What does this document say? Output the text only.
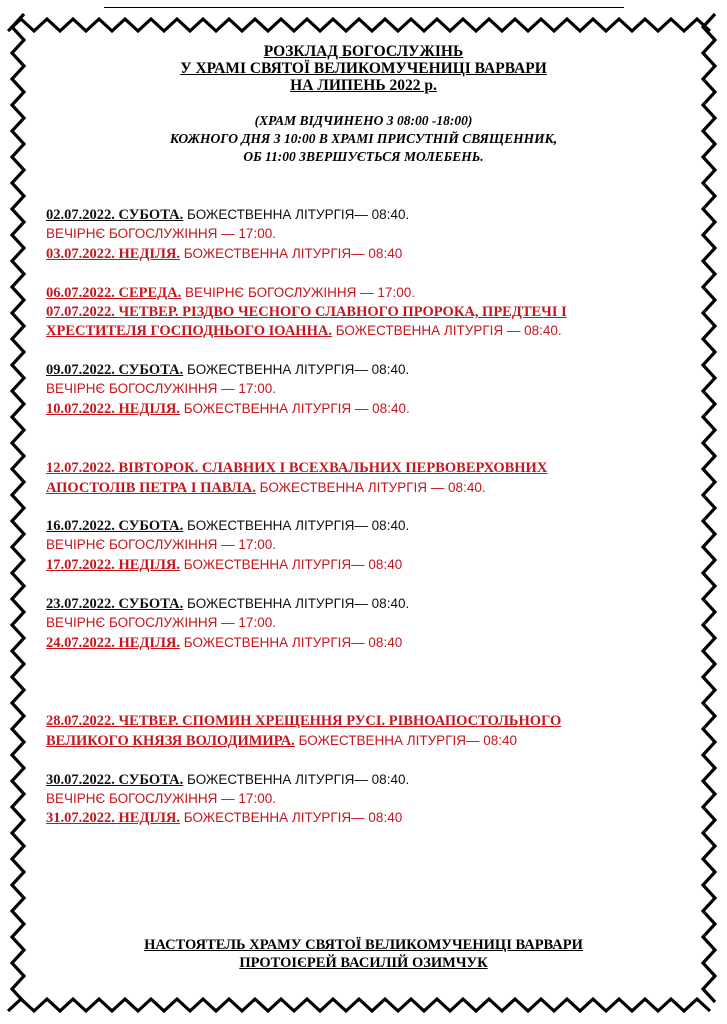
РОЗКЛАД БОГОСЛУЖІНЬ
У ХРАМІ СВЯТОЇ ВЕЛИКОМУЧЕНИЦІ ВАРВАРИ
НА ЛИПЕНЬ 2022 р.
(ХРАМ ВІДЧИНЕНО З 08:00 -18:00)
КОЖНОГО ДНЯ З 10:00 В ХРАМІ ПРИСУТНІЙ СВЯЩЕННИК,
ОБ 11:00 ЗВЕРШУЄТЬСЯ МОЛЕБЕНЬ.
02.07.2022. СУБОТА. БОЖЕСТВЕННА ЛІТУРГІЯ— 08:40.
ВЕЧІРНЄ БОГОСЛУЖІННЯ — 17:00.
03.07.2022. НЕДІЛЯ. БОЖЕСТВЕННА ЛІТУРГІЯ— 08:40
06.07.2022. СЕРЕДА. ВЕЧІРНЄ БОГОСЛУЖІННЯ — 17:00.
07.07.2022. ЧЕТВЕР. РІЗДВО ЧЕСНОГО СЛАВНОГО ПРОРОКА, ПРЕДТЕЧІ І
ХРЕСТИТЕЛЯ ГОСПОДНЬОГО ІОАННА. БОЖЕСТВЕННА ЛІТУРГІЯ — 08:40.
09.07.2022. СУБОТА. БОЖЕСТВЕННА ЛІТУРГІЯ— 08:40.
ВЕЧІРНЄ БОГОСЛУЖІННЯ — 17:00.
10.07.2022. НЕДІЛЯ. БОЖЕСТВЕННА ЛІТУРГІЯ — 08:40.
12.07.2022. ВІВТОРОК. СЛАВНИХ І ВСЕХВАЛЬНИХ ПЕРВОВЕРХОВНИХ
АПОСТОЛІВ ПЕТРА І ПАВЛА. БОЖЕСТВЕННА ЛІТУРГІЯ — 08:40.
16.07.2022. СУБОТА. БОЖЕСТВЕННА ЛІТУРГІЯ— 08:40.
ВЕЧІРНЄ БОГОСЛУЖІННЯ — 17:00.
17.07.2022. НЕДІЛЯ. БОЖЕСТВЕННА ЛІТУРГІЯ— 08:40
23.07.2022. СУБОТА. БОЖЕСТВЕННА ЛІТУРГІЯ— 08:40.
ВЕЧІРНЄ БОГОСЛУЖІННЯ — 17:00.
24.07.2022. НЕДІЛЯ. БОЖЕСТВЕННА ЛІТУРГІЯ— 08:40
28.07.2022. ЧЕТВЕР. СПОМИН ХРЕЩЕННЯ РУСІ. РІВНОАПОСТОЛЬНОГО
ВЕЛИКОГО КНЯЗЯ ВОЛОДИМИРА. БОЖЕСТВЕННА ЛІТУРГІЯ— 08:40
30.07.2022. СУБОТА. БОЖЕСТВЕННА ЛІТУРГІЯ— 08:40.
ВЕЧІРНЄ БОГОСЛУЖІННЯ — 17:00.
31.07.2022. НЕДІЛЯ. БОЖЕСТВЕННА ЛІТУРГІЯ— 08:40
НАСТОЯТЕЛЬ ХРАМУ СВЯТОЇ ВЕЛИКОМУЧЕНИЦІ ВАРВАРИ
ПРОТОІЄРЕЙ ВАСИЛІЙ ОЗИМЧУК
